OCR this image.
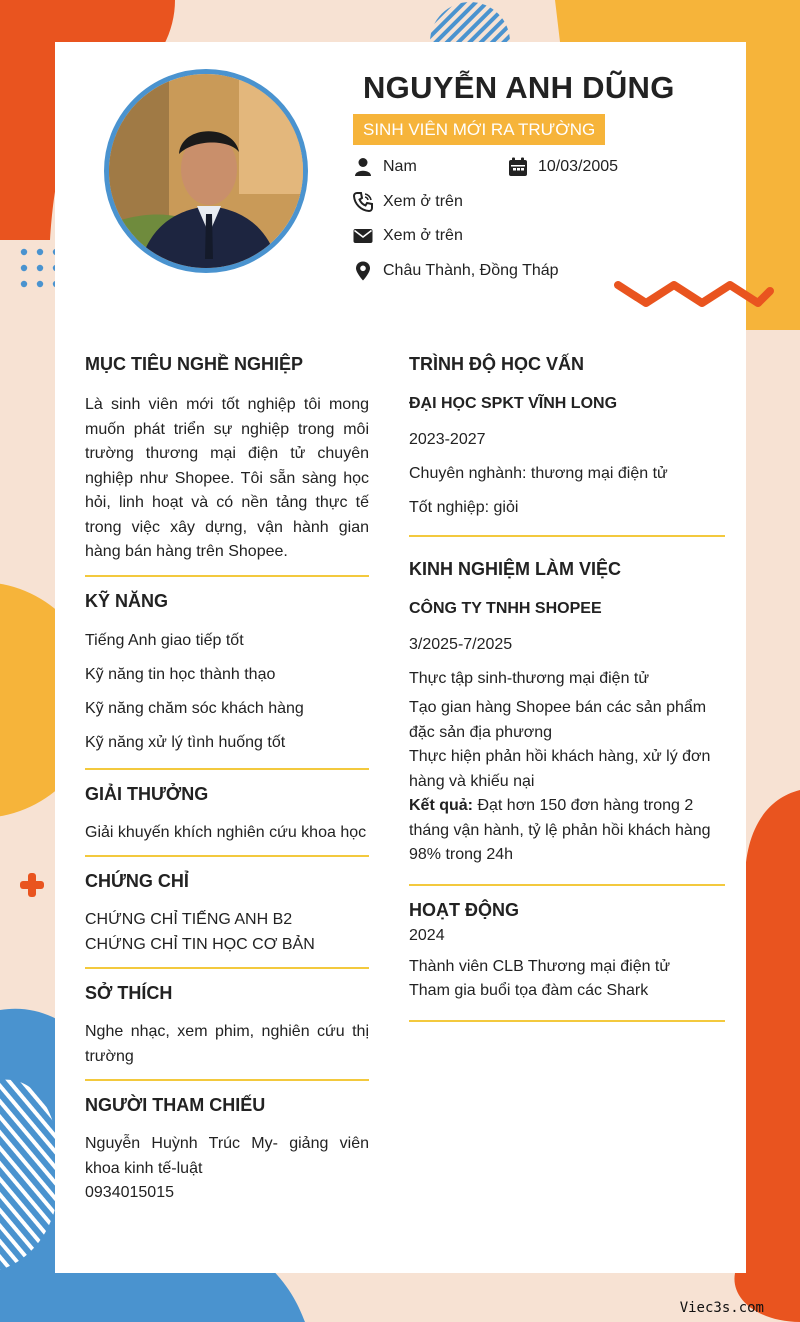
NGUYỄN ANH DŨNG
SINH VIÊN MỚI RA TRƯỜNG
Nam	10/03/2005
Xem ở trên
Xem ở trên
Châu Thành, Đồng Tháp
MỤC TIÊU NGHỀ NGHIỆP
Là sinh viên mới tốt nghiệp tôi mong muốn phát triển sự nghiệp trong môi trường thương mại điện tử chuyên nghiệp như Shopee. Tôi sẵn sàng học hỏi, linh hoạt và có nền tảng thực tế trong việc xây dựng, vận hành gian hàng bán hàng trên Shopee.
KỸ NĂNG
Tiếng Anh giao tiếp tốt
Kỹ năng tin học thành thạo
Kỹ năng chăm sóc khách hàng
Kỹ năng xử lý tình huống tốt
GIẢI THƯỞNG
Giải khuyến khích nghiên cứu khoa học
CHỨNG CHỈ
CHỨNG CHỈ TIẾNG ANH B2
CHỨNG CHỈ TIN HỌC CƠ BẢN
SỞ THÍCH
Nghe nhạc, xem phim, nghiên cứu thị trường
NGƯỜI THAM CHIẾU
Nguyễn Huỳnh Trúc My- giảng viên khoa kinh tế-luật
0934015015
TRÌNH ĐỘ HỌC VẤN
ĐẠI HỌC SPKT VĨNH LONG
2023-2027
Chuyên nghành: thương mại điện tử
Tốt nghiệp: giỏi
KINH NGHIỆM LÀM VIỆC
CÔNG TY TNHH SHOPEE
3/2025-7/2025
Thực tập sinh-thương mại điện tử
Tạo gian hàng Shopee bán các sản phẩm đặc sản địa phương
Thực hiện phản hồi khách hàng, xử lý đơn hàng và khiếu nại
Kết quả: Đạt hơn 150 đơn hàng trong 2 tháng vận hành, tỷ lệ phản hồi khách hàng 98% trong 24h
HOẠT ĐỘNG
2024
Thành viên CLB Thương mại điện tử
Tham gia buổi tọa đàm các Shark
Viec3s.com
